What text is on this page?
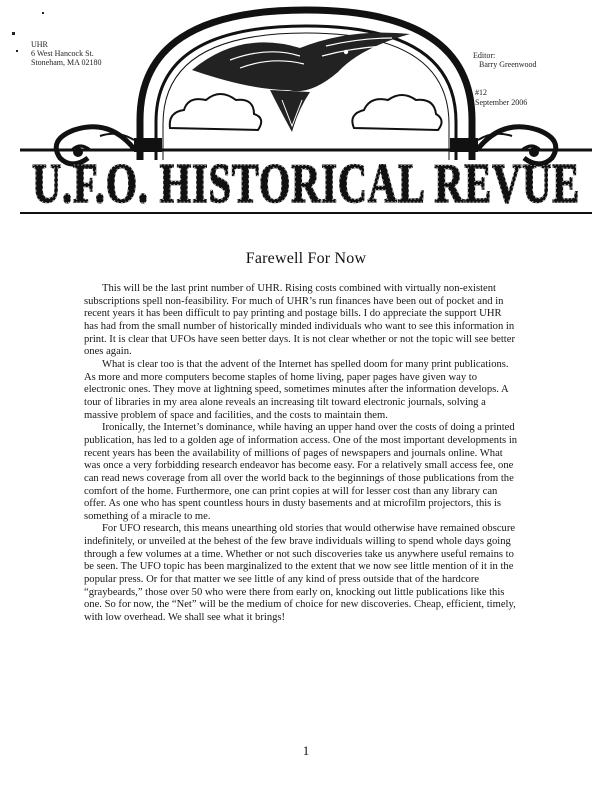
U.F.O. HISTORICAL REVUE
U.F.O. HISTORICAL REVUE
UHR
6 West Hancock St.
Stoneham, MA 02180
Editor:
Barry Greenwood
#12
September 2006
Farewell For Now

This will be the last print number of UHR. Rising costs combined with virtually non-existent subscriptions spell non-feasibility. For much of UHR’s run finances have been out of pocket and in recent years it has been difficult to pay printing and postage bills. I do appreciate the support UHR has had from the small number of historically minded individuals who want to see this information in print. It is clear that UFOs have seen better days. It is not clear whether or not the topic will see better ones again.

What is clear too is that the advent of the Internet has spelled doom for many print publications. As more and more computers become staples of home living, paper pages have given way to electronic ones. They move at lightning speed, sometimes minutes after the information develops. A tour of libraries in my area alone reveals an increasing tilt toward electronic journals, solving a massive problem of space and facilities, and the costs to maintain them.

Ironically, the Internet’s dominance, while having an upper hand over the costs of doing a printed publication, has led to a golden age of information access. One of the most important developments in recent years has been the availability of millions of pages of newspapers and journals online. What was once a very forbidding research endeavor has become easy. For a relatively small access fee, one can read news coverage from all over the world back to the beginnings of those publications from the comfort of the home. Furthermore, one can print copies at will for lesser cost than any library can offer. As one who has spent countless hours in dusty basements and at microfilm projectors, this is something of a miracle to me.

For UFO research, this means unearthing old stories that would otherwise have remained obscure indefinitely, or unveiled at the behest of the few brave individuals willing to spend whole days going through a few volumes at a time. Whether or not such discoveries take us anywhere useful remains to be seen. The UFO topic has been marginalized to the extent that we now see little mention of it in the popular press. Or for that matter we see little of any kind of press outside that of the hardcore “graybeards,” those over 50 who were there from early on, knocking out little publications like this one. So for now, the “Net” will be the medium of choice for new discoveries. Cheap, efficient, timely, with low overhead. We shall see what it brings!

1
